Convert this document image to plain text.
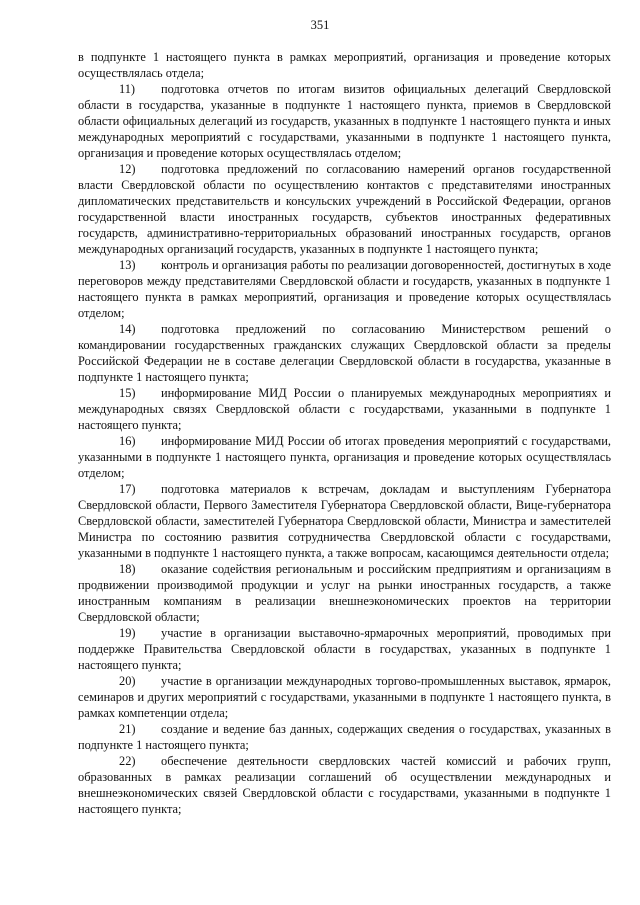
351

в подпункте 1 настоящего пункта в рамках мероприятий, организация и проведение которых осуществлялась отдела;

11) подготовка отчетов по итогам визитов официальных делегаций Свердловской области в государства, указанные в подпункте 1 настоящего пункта, приемов в Свердловской области официальных делегаций из государств, указанных в подпункте 1 настоящего пункта и иных международных мероприятий с государствами, указанными в подпункте 1 настоящего пункта, организация и проведение которых осуществлялась отделом;

12) подготовка предложений по согласованию намерений органов государственной власти Свердловской области по осуществлению контактов с представителями иностранных дипломатических представительств и консульских учреждений в Российской Федерации, органов государственной власти иностранных государств, субъектов иностранных федеративных государств, административно-территориальных образований иностранных государств, органов международных организаций государств, указанных в подпункте 1 настоящего пункта;

13) контроль и организация работы по реализации договоренностей, достигнутых в ходе переговоров между представителями Свердловской области и государств, указанных в подпункте 1 настоящего пункта в рамках мероприятий, организация и проведение которых осуществлялась отделом;

14) подготовка предложений по согласованию Министерством решений о командировании государственных гражданских служащих Свердловской области за пределы Российской Федерации не в составе делегации Свердловской области в государства, указанные в подпункте 1 настоящего пункта;

15) информирование МИД России о планируемых международных мероприятиях и международных связях Свердловской области с государствами, указанными в подпункте 1 настоящего пункта;

16) информирование МИД России об итогах проведения мероприятий с государствами, указанными в подпункте 1 настоящего пункта, организация и проведение которых осуществлялась отделом;

17) подготовка материалов к встречам, докладам и выступлениям Губернатора Свердловской области, Первого Заместителя Губернатора Свердловской области, Вице-губернатора Свердловской области, заместителей Губернатора Свердловской области, Министра и заместителей Министра по состоянию развития сотрудничества Свердловской области с государствами, указанными в подпункте 1 настоящего пункта, а также вопросам, касающимся деятельности отдела;

18) оказание содействия региональным и российским предприятиям и организациям в продвижении производимой продукции и услуг на рынки иностранных государств, а также иностранным компаниям в реализации внешнеэкономических проектов на территории Свердловской области;

19) участие в организации выставочно-ярмарочных мероприятий, проводимых при поддержке Правительства Свердловской области в государствах, указанных в подпункте 1 настоящего пункта;

20) участие в организации международных торгово-промышленных выставок, ярмарок, семинаров и других мероприятий с государствами, указанными в подпункте 1 настоящего пункта, в рамках компетенции отдела;

21) создание и ведение баз данных, содержащих сведения о государствах, указанных в подпункте 1 настоящего пункта;

22) обеспечение деятельности свердловских частей комиссий и рабочих групп, образованных в рамках реализации соглашений об осуществлении международных и внешнеэкономических связей Свердловской области с государствами, указанными в подпункте 1 настоящего пункта;
